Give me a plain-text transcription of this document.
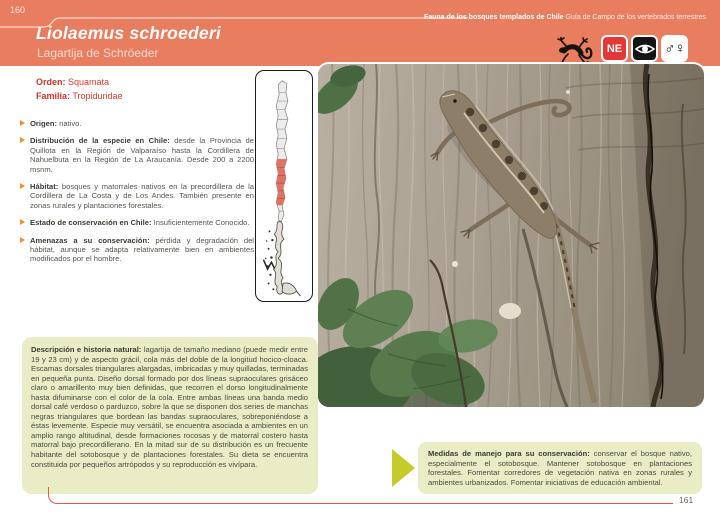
160
Liolaemus schroederi
Lagartija de Schröeder
Fauna de los bosques templados de Chile Guía de Campo de los vertebrados terrestres
NE	♂♀
Orden: Squamata
Familia: Tropiduridae

Origen: nativo.

Distribución de la especie en Chile: desde la Provincia de Quillota en la Región de Valparaíso hasta la Cordillera de Nahuelbuta en la Región de La Araucanía. Desde 200 a 2200 msnm.

Hábitat: bosques y matorrales nativos en la precordillera de la Cordillera de La Costa y de Los Andes. También presente en zonas rurales y plantaciones forestales.

Estado de conservación en Chile: Insuficientemente Conocido.

Amenazas a su conservación: pérdida y degradación del hábitat, aunque se adapta relativamente bien en ambientes modificados por el hombre.

Descripción e historia natural: lagartija de tamaño mediano (puede medir entre 19 y 23 cm) y de aspecto grácil, cola más del doble de la longitud hocico-cloaca. Escamas dorsales triangulares alargadas, imbricadas y muy quilladas, terminadas en pequeña punta. Diseño dorsal formado por dos líneas supraoculares grisáceo claro o amarillento muy bien definidas, que recorren el dorso longitudinalmente hasta difuminarse con el color de la cola. Entre ambas líneas una banda medio dorsal café verdoso o parduzco, sobre la que se disponen dos series de manchas negras triangulares que bordean las bandas supraoculares, sobreponiéndose a éstas levemente. Especie muy versátil, se encuentra asociada a ambientes en un amplio rango altitudinal, desde formaciones rocosas y de matorral costero hasta matorral bajo precordillerano. En la mitad sur de su distribución es un frecuente habitante del sotobosque y de plantaciones forestales. Su dieta se encuentra constituida por pequeños artrópodos y su reproducción es vivípara.

Medidas de manejo para su conservación: conservar el bosque nativo, especialmente el sotobosque. Mantener sotobosque en plantaciones forestales. Fomentar corredores de vegetación nativa en zonas rurales y ambientes urbanizados. Fomentar iniciativas de educación ambiental.

161
